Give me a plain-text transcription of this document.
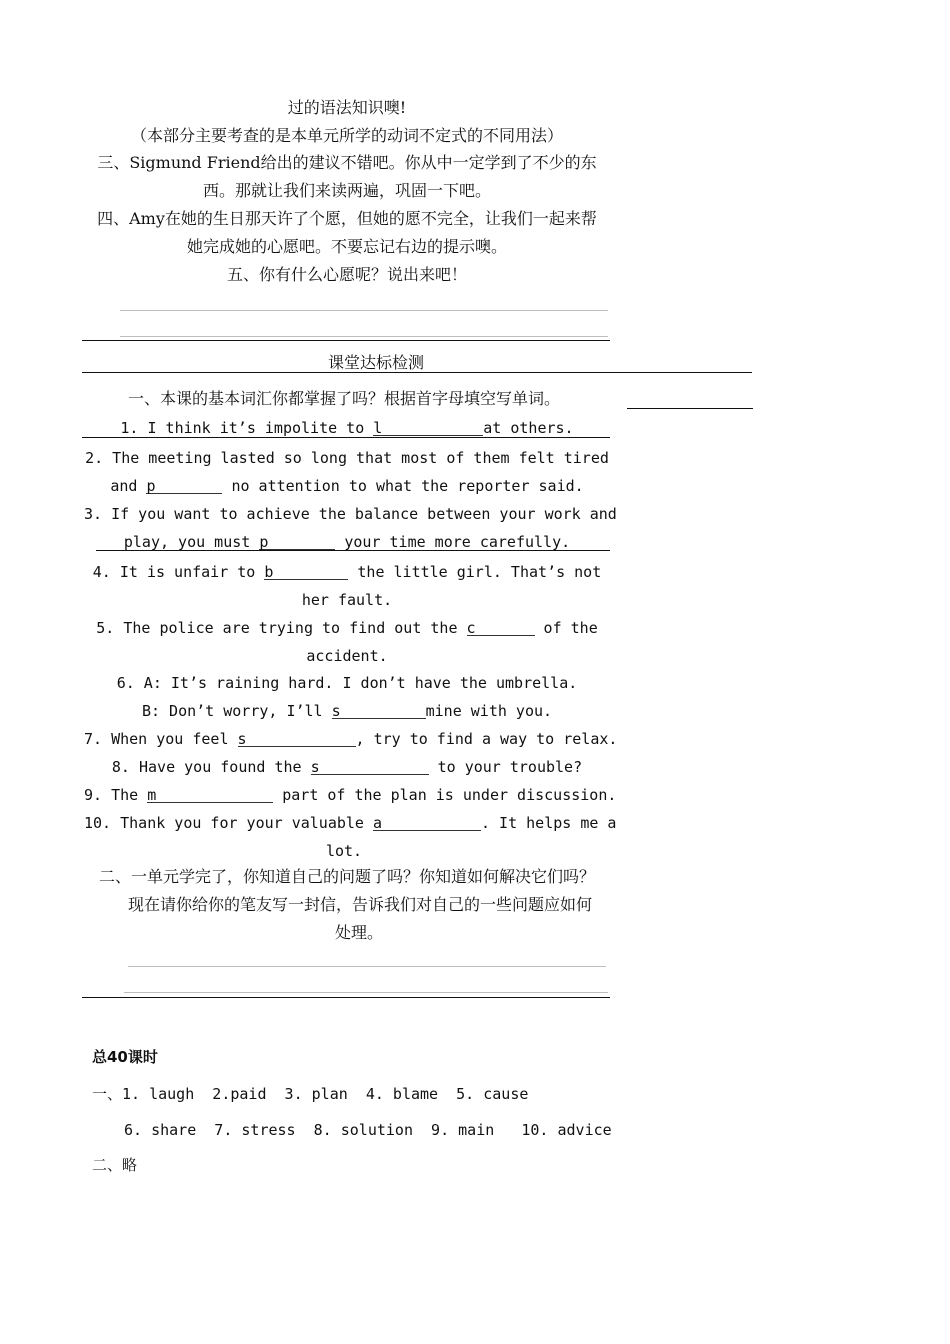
过的语法知识噢!
（本部分主要考查的是本单元所学的动词不定式的不同用法）
三、Sigmund Friend给出的建议不错吧。你从中一定学到了不少的东
西。那就让我们来读两遍，巩固一下吧。
四、Amy在她的生日那天许了个愿，但她的愿不完全，让我们一起来帮
她完成她的心愿吧。不要忘记右边的提示噢。
五、你有什么心愿呢？说出来吧！
课堂达标检测
一、本课的基本词汇你都掌握了吗？根据首字母填空写单词。
1. I think it’s impolite to l	at others.
2. The meeting lasted so long that most of them felt tired
and p	no attention to what the reporter said.
3. If you want to achieve the balance between your work and
play, you must p	your time more carefully.
4. It is unfair to b	the little girl. That’s not
her fault.
5. The police are trying to find out the c	of the
accident.
6. A: It’s raining hard. I don’t have the umbrella.
B: Don’t worry, I’ll s	mine with you.
7. When you feel s	, try to find a way to relax.
8. Have you found the s	to your trouble?
9. The m	part of the plan is under discussion.
10. Thank you for your valuable a	. It helps me a
lot.
二、一单元学完了，你知道自己的问题了吗？你知道如何解决它们吗？
现在请你给你的笔友写一封信，告诉我们对自己的一些问题应如何
处理。
总40课时
一、1. laugh  2.paid  3. plan  4. blame  5. cause
6. share  7. stress  8. solution  9. main   10. advice
二、略
